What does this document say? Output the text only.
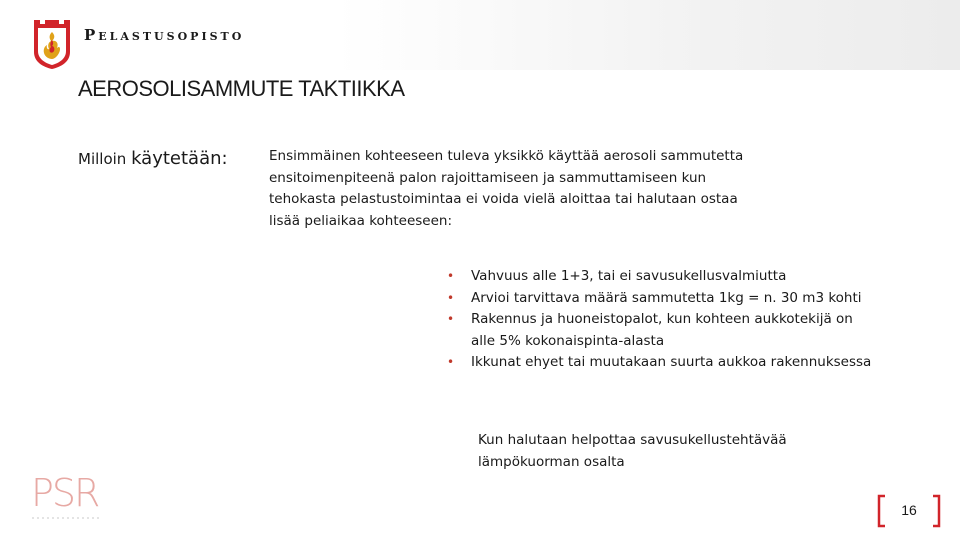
Pelastusopisto
AEROSOLISAMMUTE TAKTIIKKA
Milloin käytetään:	Ensimmäinen kohteeseen tuleva yksikkö käyttää aerosoli sammutetta ensitoimenpiteenä palon rajoittamiseen ja sammuttamiseen kun tehokasta pelastustoimintaa ei voida vielä aloittaa tai halutaan ostaa lisää peliaikaa kohteeseen:
• Vahvuus alle 1+3, tai ei savusukellusvalmiutta
• Arvioi tarvittava määrä sammutetta 1kg = n. 30 m3 kohti
• Rakennus ja huoneistopalot, kun kohteen aukkotekijä on alle 5% kokonaispinta-alasta
• Ikkunat ehyet tai muutakaan suurta aukkoa rakennuksessa
Kun halutaan helpottaa savusukellustehtävää lämpökuorman osalta
PSR	16
